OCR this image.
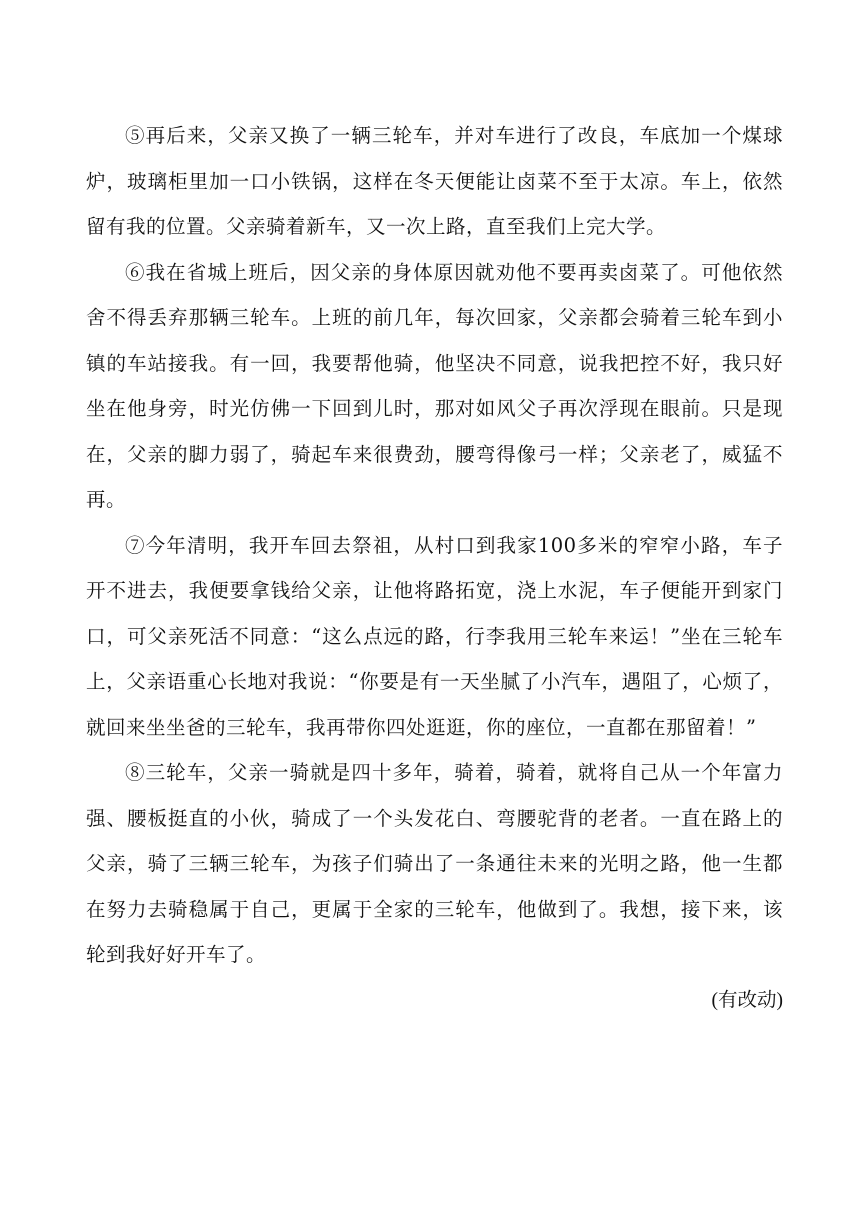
⑤再后来，父亲又换了一辆三轮车，并对车进行了改良，车底加一个煤球炉，玻璃柜里加一口小铁锅，这样在冬天便能让卤菜不至于太凉。车上，依然留有我的位置。父亲骑着新车，又一次上路，直至我们上完大学。

⑥我在省城上班后，因父亲的身体原因就劝他不要再卖卤菜了。可他依然舍不得丢弃那辆三轮车。上班的前几年，每次回家，父亲都会骑着三轮车到小镇的车站接我。有一回，我要帮他骑，他坚决不同意，说我把控不好，我只好坐在他身旁，时光仿佛一下回到儿时，那对如风父子再次浮现在眼前。只是现在，父亲的脚力弱了，骑起车来很费劲，腰弯得像弓一样；父亲老了，威猛不再。

⑦今年清明，我开车回去祭祖，从村口到我家100多米的窄窄小路，车子开不进去，我便要拿钱给父亲，让他将路拓宽，浇上水泥，车子便能开到家门口，可父亲死活不同意：“这么点远的路，行李我用三轮车来运！”坐在三轮车上，父亲语重心长地对我说：“你要是有一天坐腻了小汽车，遇阻了，心烦了，就回来坐坐爸的三轮车，我再带你四处逛逛，你的座位，一直都在那留着！”

⑧三轮车，父亲一骑就是四十多年，骑着，骑着，就将自己从一个年富力强、腰板挺直的小伙，骑成了一个头发花白、弯腰驼背的老者。一直在路上的父亲，骑了三辆三轮车，为孩子们骑出了一条通往未来的光明之路，他一生都在努力去骑稳属于自己，更属于全家的三轮车，他做到了。我想，接下来，该轮到我好好开车了。

(有改动)
